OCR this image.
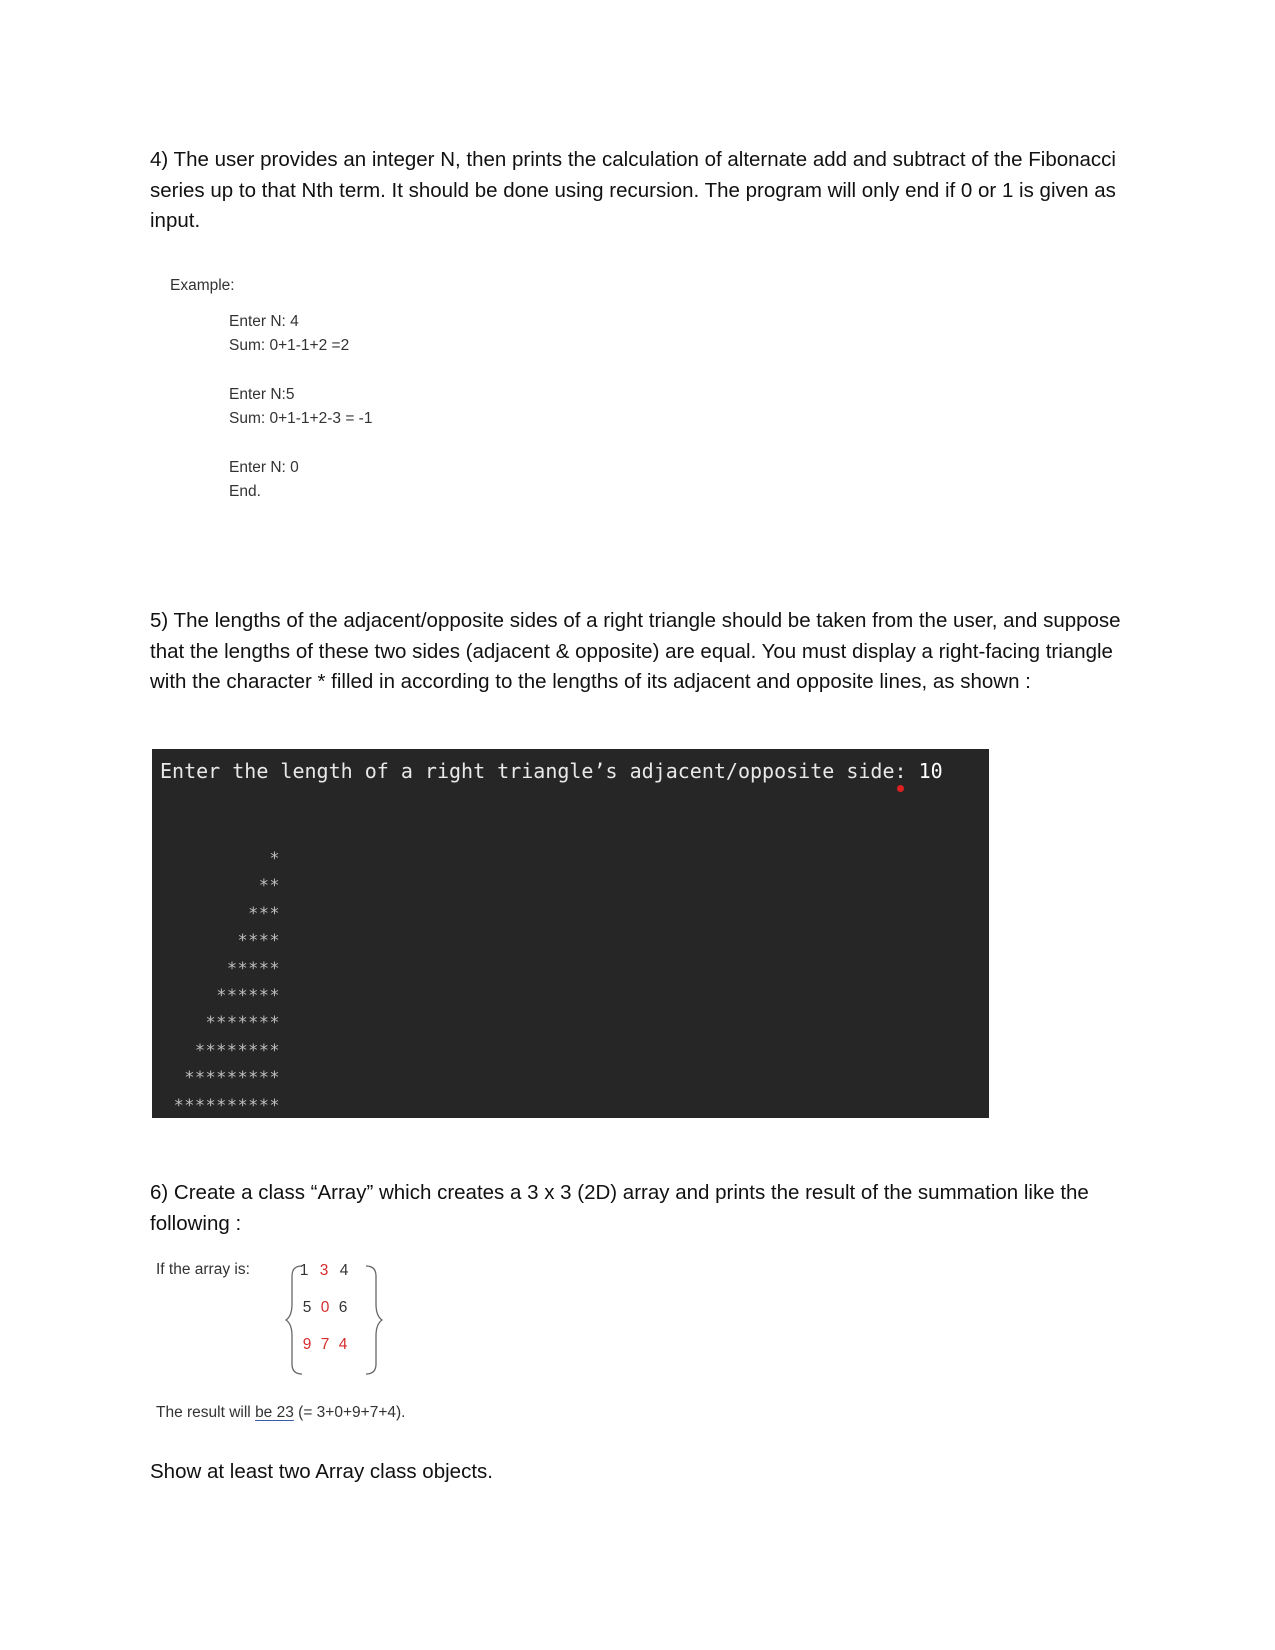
4) The user provides an integer N, then prints the calculation of alternate add and subtract of the Fibonacci series up to that Nth term. It should be done using recursion. The program will only end if 0 or 1 is given as input.
Example:
Enter N: 4
Sum: 0+1-1+2 =2
Enter N:5
Sum: 0+1-1+2-3 = -1
Enter N: 0
End.
5) The lengths of the adjacent/opposite sides of a right triangle should be taken from the user, and suppose that the lengths of these two sides (adjacent & opposite) are equal. You must display a right-facing triangle with the character * filled in according to the lengths of its adjacent and opposite lines, as shown :
Enter the length of a right triangle’s adjacent/opposite side: 10
*
**
***
****
*****
******
*******
********
*********
**********
6) Create a class “Array” which creates a 3 x 3 (2D) array and prints the result of the summation like the following :
If the array is:	1 3 4
5 0 6
9 7 4
The result will be 23 (= 3+0+9+7+4).
Show at least two Array class objects.
